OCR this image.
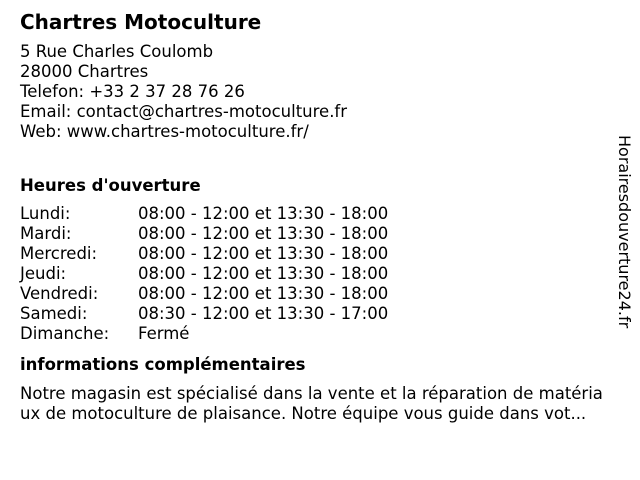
Chartres Motoculture
5 Rue Charles Coulomb
28000 Chartres
Telefon: +33 2 37 28 76 26
Email: contact@chartres-motoculture.fr
Web: www.chartres-motoculture.fr/
Heures d'ouverture
Lundi:	08:00 - 12:00 et 13:30 - 18:00
Mardi:	08:00 - 12:00 et 13:30 - 18:00
Mercredi: 08:00 - 12:00 et 13:30 - 18:00
Jeudi:	08:00 - 12:00 et 13:30 - 18:00
Vendredi: 08:00 - 12:00 et 13:30 - 18:00
Samedi:	08:30 - 12:00 et 13:30 - 17:00
Dimanche: Fermé
informations complémentaires
Notre magasin est spécialisé dans la vente et la réparation de matéria
ux de motoculture de plaisance. Notre équipe vous guide dans vot...
Horairesdouverture24.fr
